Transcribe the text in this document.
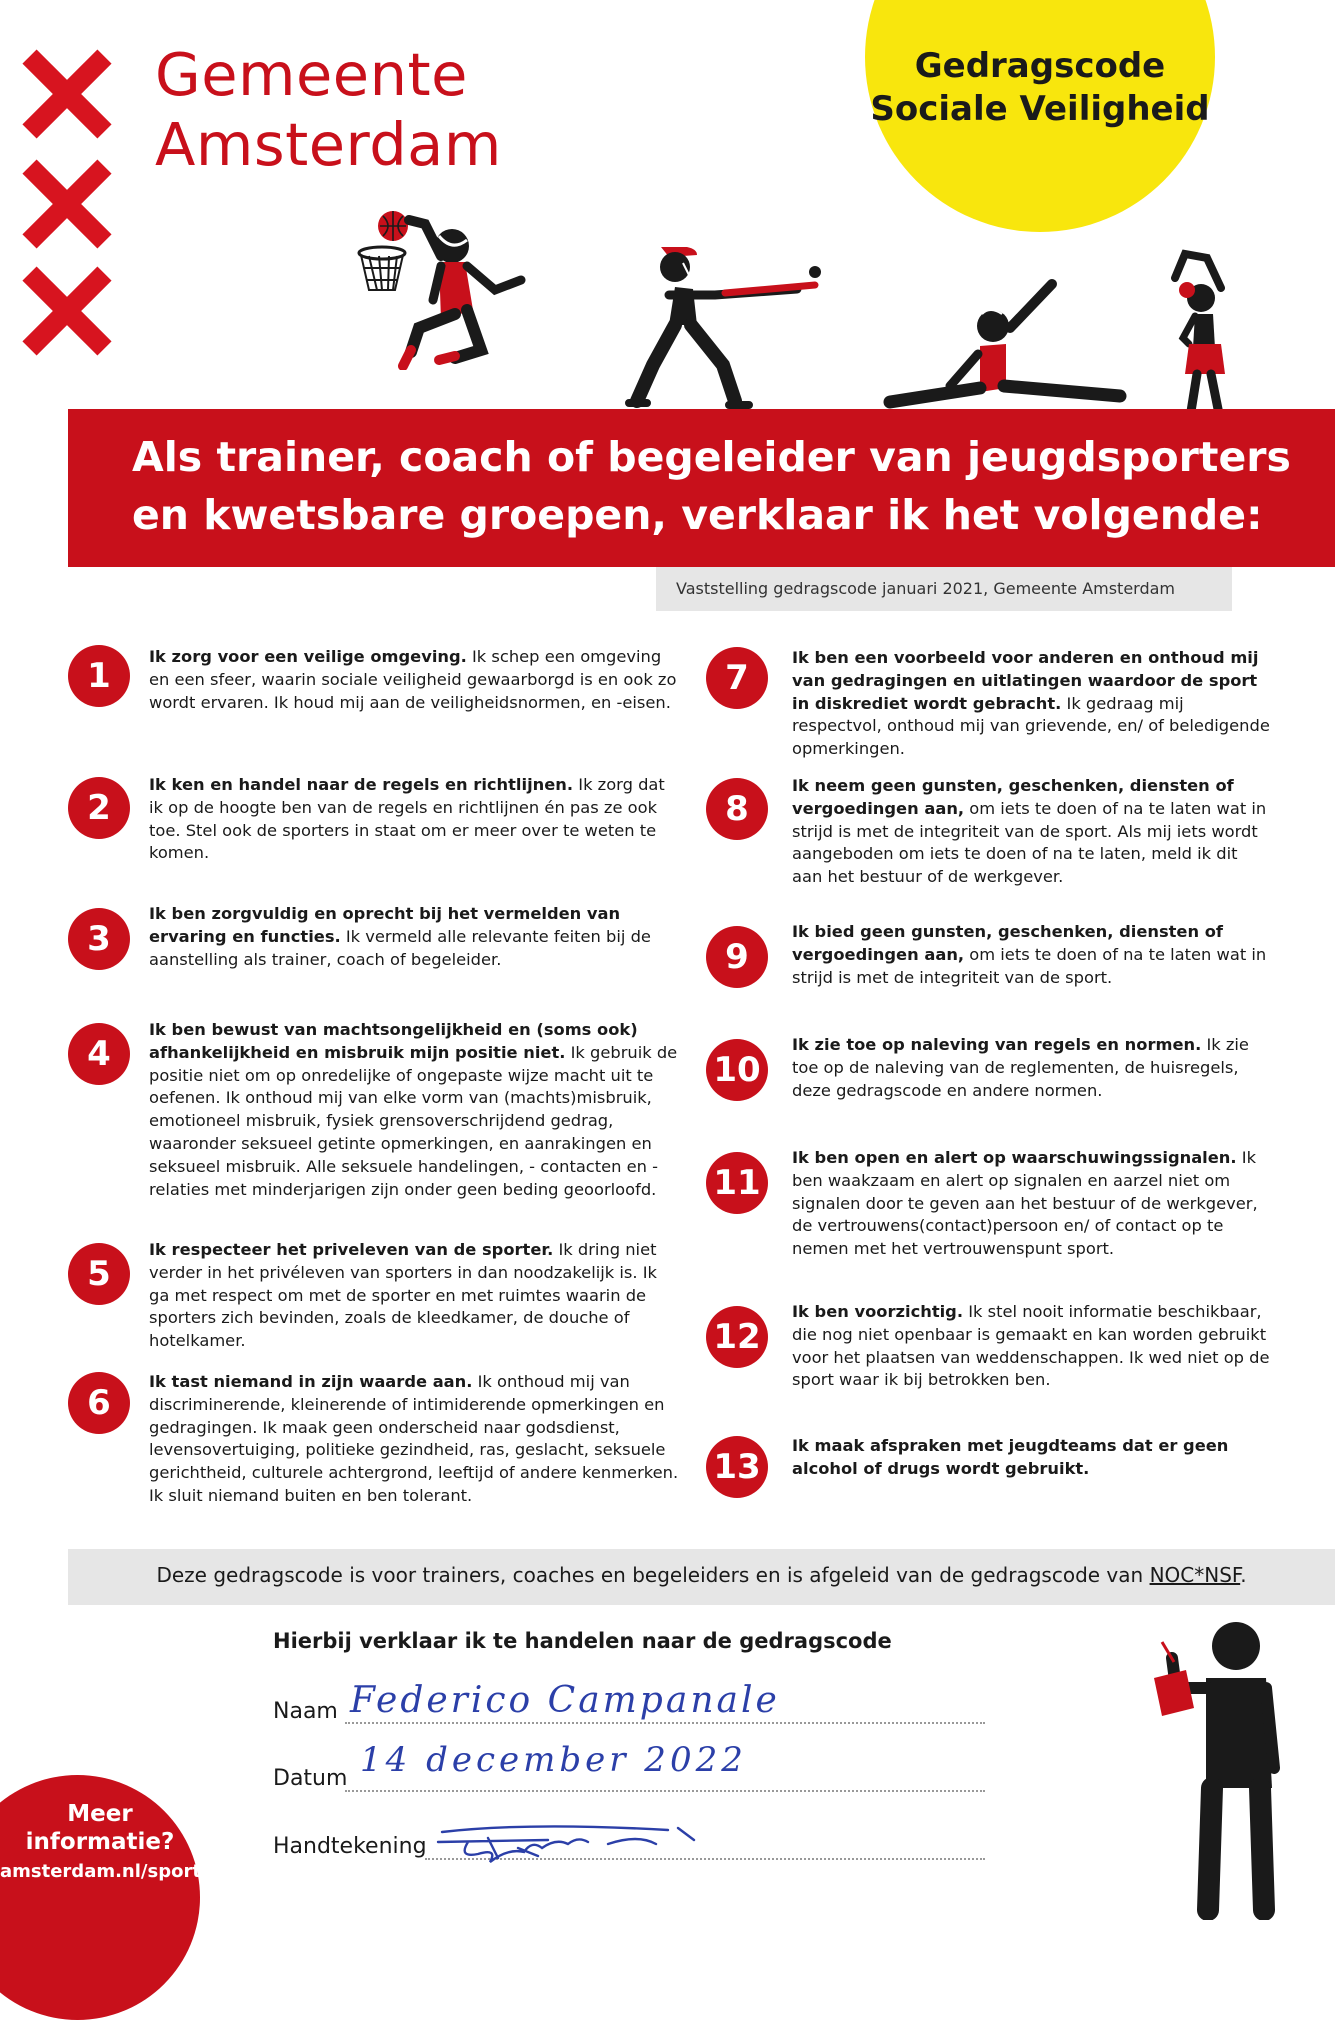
Gemeente
Amsterdam
Gedragscode
Sociale Veiligheid
Als trainer, coach of begeleider van jeugdsporters
en kwetsbare groepen, verklaar ik het volgende:
Vaststelling gedragscode januari 2021, Gemeente Amsterdam
1	Ik zorg voor een veilige omgeving. Ik schep een omgeving en een sfeer, waarin sociale veiligheid gewaarborgd is en ook zo wordt ervaren. Ik houd mij aan de veiligheidsnormen, en -eisen.
2
Ik ken en handel naar de regels en richtlijnen. Ik zorg dat ik op de hoogte ben van de regels en richtlijnen én pas ze ook toe. Stel ook de sporters in staat om er meer over te weten te komen.
3
Ik ben zorgvuldig en oprecht bij het vermelden van ervaring en functies. Ik vermeld alle relevante feiten bij de aanstelling als trainer, coach of begeleider.
4
Ik ben bewust van machtsongelijkheid en (soms ook) afhankelijkheid en misbruik mijn positie niet. Ik gebruik de positie niet om op onredelijke of ongepaste wijze macht uit te oefenen. Ik onthoud mij van elke vorm van (machts)misbruik, emotioneel misbruik, fysiek grensoverschrijdend gedrag, waaronder seksueel getinte opmerkingen, en aanrakingen en seksueel misbruik. Alle seksuele handelingen, - contacten en -relaties met minderjarigen zijn onder geen beding geoorloofd.
5
Ik respecteer het priveleven van de sporter. Ik dring niet verder in het privéleven van sporters in dan noodzakelijk is. Ik ga met respect om met de sporter en met ruimtes waarin de sporters zich bevinden, zoals de kleedkamer, de douche of hotelkamer.
6
Ik tast niemand in zijn waarde aan. Ik onthoud mij van discriminerende, kleinerende of intimiderende opmerkingen en gedragingen. Ik maak geen onderscheid naar godsdienst, levensovertuiging, politieke gezindheid, ras, geslacht, seksuele gerichtheid, culturele achtergrond, leeftijd of andere kenmerken. Ik sluit niemand buiten en ben tolerant.
7
Ik ben een voorbeeld voor anderen en onthoud mij van gedragingen en uitlatingen waardoor de sport in diskrediet wordt gebracht. Ik gedraag mij respectvol, onthoud mij van grievende, en/ of beledigende opmerkingen.
8
Ik neem geen gunsten, geschenken, diensten of vergoedingen aan, om iets te doen of na te laten wat in strijd is met de integriteit van de sport. Als mij iets wordt aangeboden om iets te doen of na te laten, meld ik dit aan het bestuur of de werkgever.
9
Ik bied geen gunsten, geschenken, diensten of vergoedingen aan, om iets te doen of na te laten wat in strijd is met de integriteit van de sport.
10
Ik zie toe op naleving van regels en normen. Ik zie toe op de naleving van de reglementen, de huisregels, deze gedragscode en andere normen.
11
Ik ben open en alert op waarschuwingssignalen. Ik ben waakzaam en alert op signalen en aarzel niet om signalen door te geven aan het bestuur of de werkgever, de vertrouwens(contact)persoon en/ of contact op te nemen met het vertrouwenspunt sport.
12
Ik ben voorzichtig. Ik stel nooit informatie beschikbaar, die nog niet openbaar is gemaakt en kan worden gebruikt voor het plaatsen van weddenschappen. Ik wed niet op de sport waar ik bij betrokken ben.
13
Ik maak afspraken met jeugdteams dat er geen alcohol of drugs wordt gebruikt.
Deze gedragscode is voor trainers, coaches en begeleiders en is afgeleid van de gedragscode van NOC*NSF.
Hierbij verklaar ik te handelen naar de gedragscode
Naam Federico Campanale
Datum 14 december 2022
Handtekening
Meer
informatie?
amsterdam.nl/sport
